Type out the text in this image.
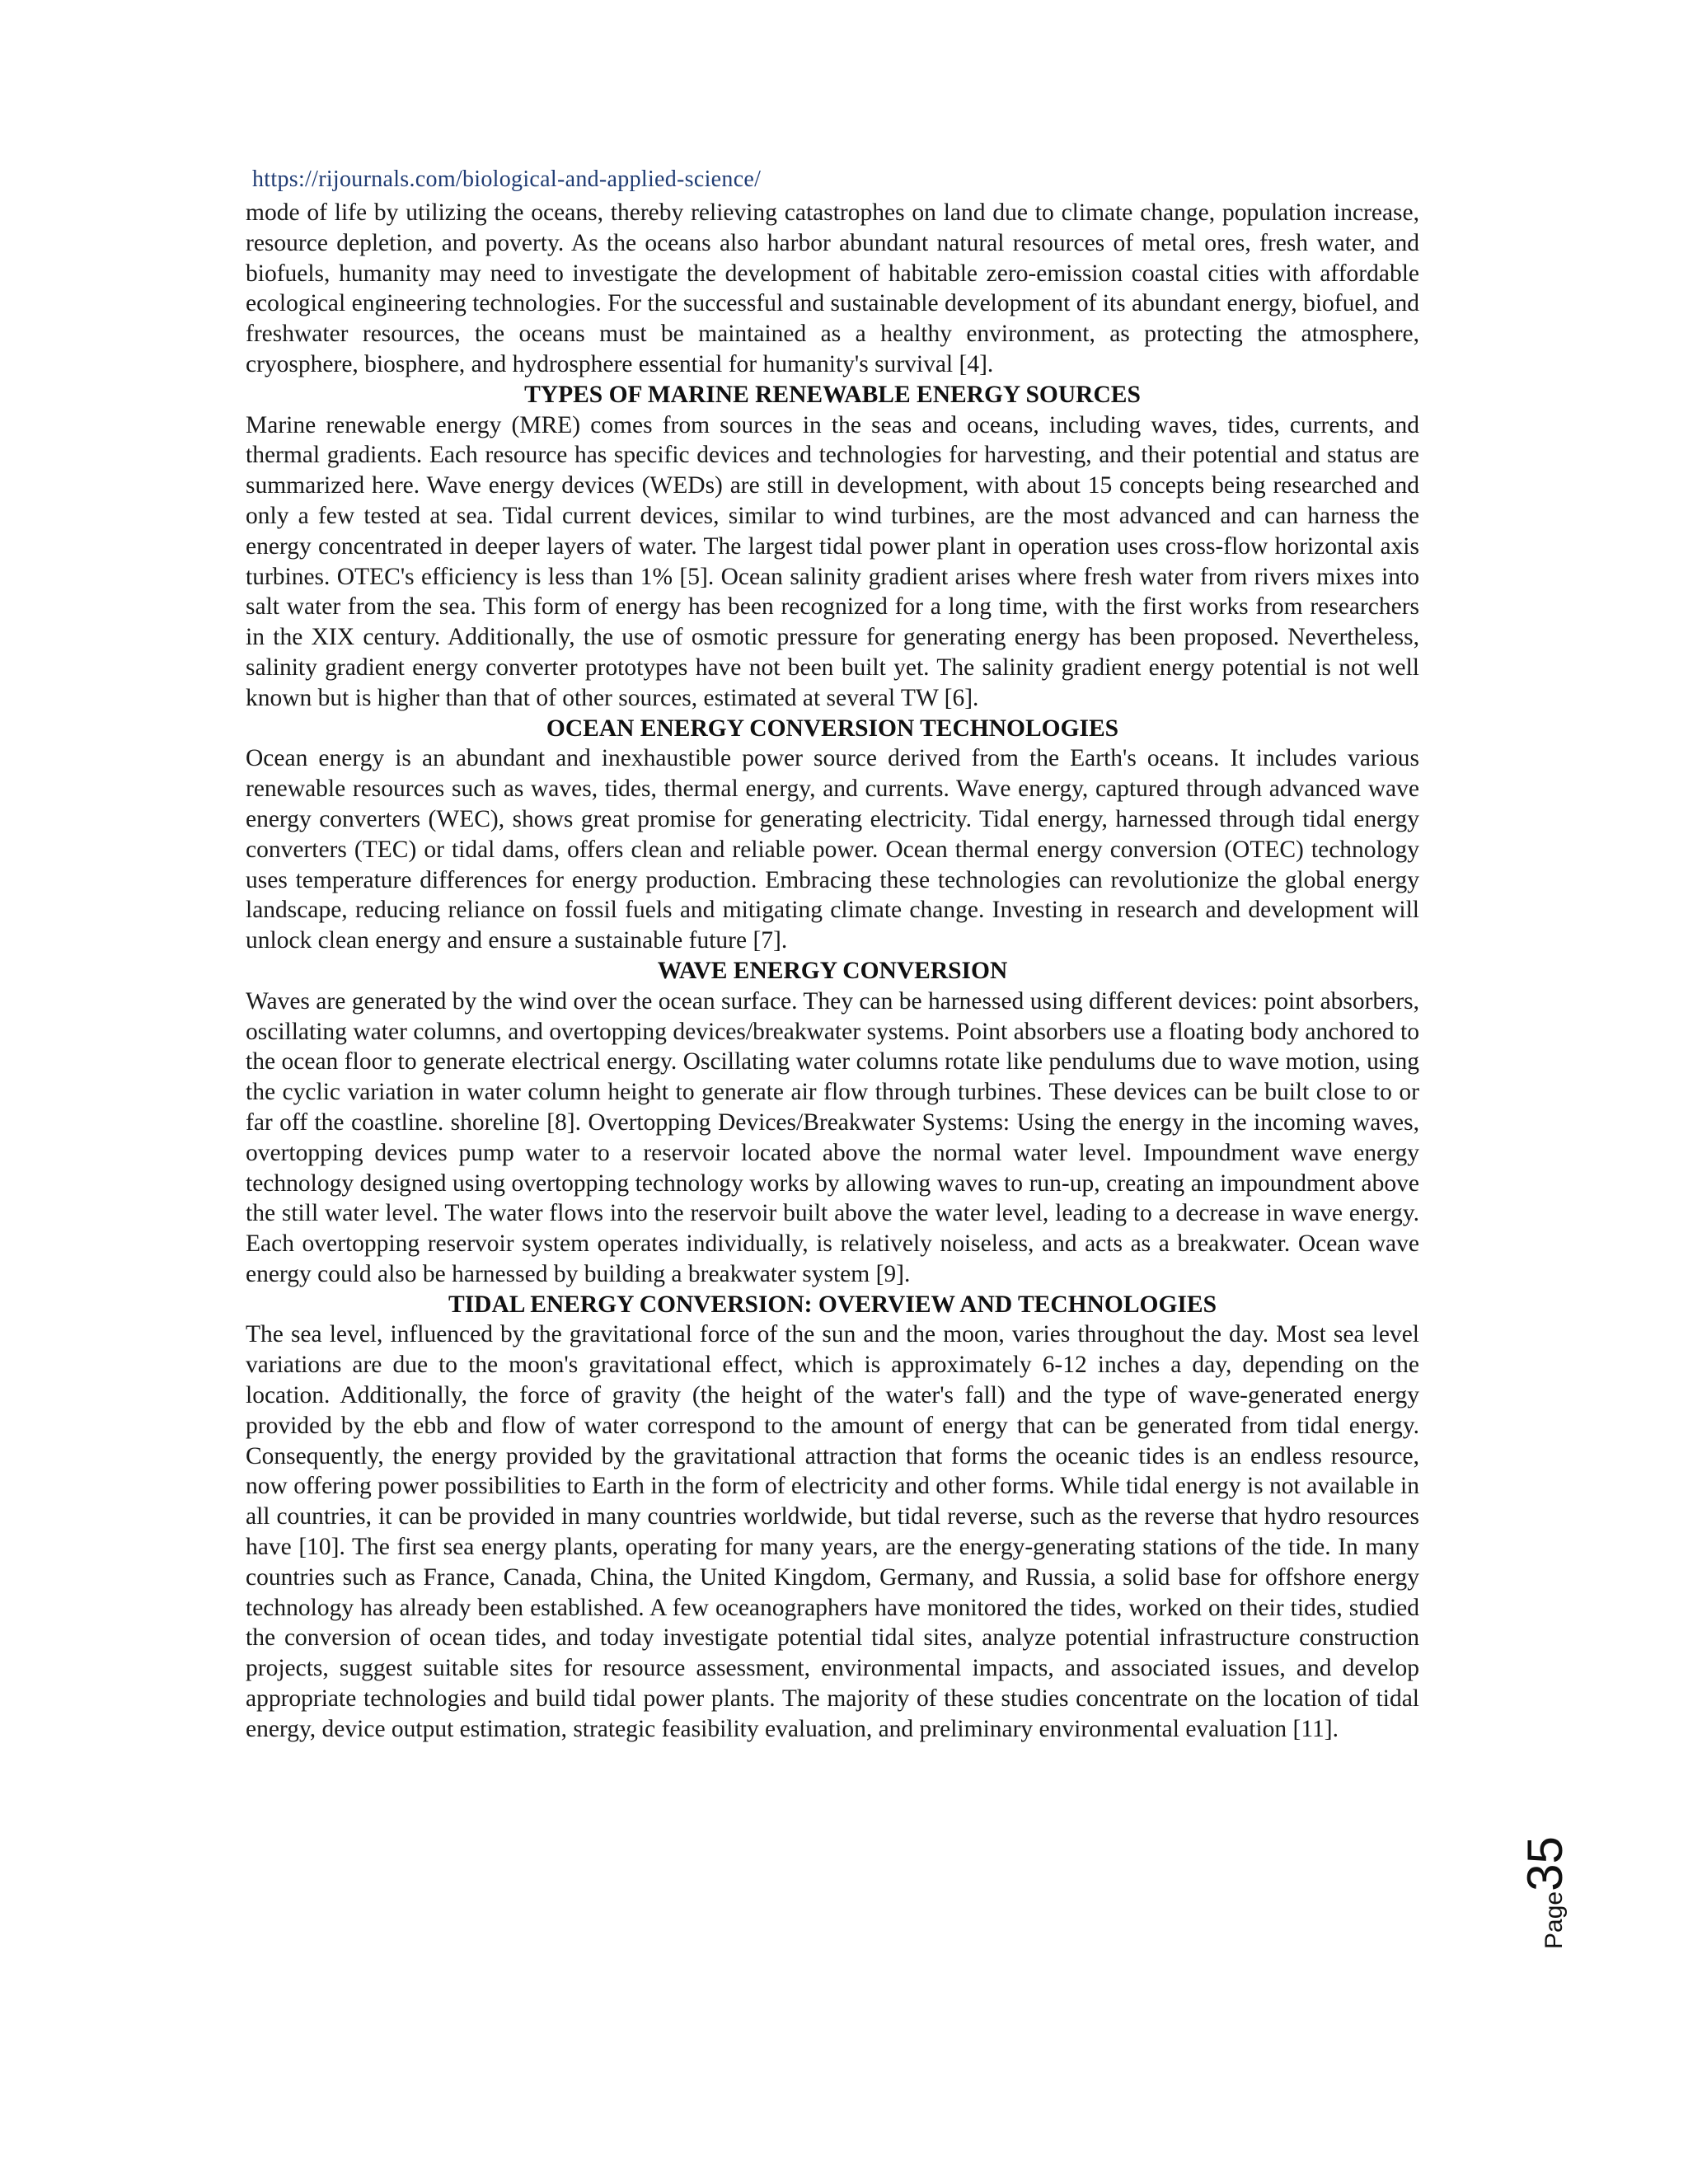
https://rijournals.com/biological-and-applied-science/

mode of life by utilizing the oceans, thereby relieving catastrophes on land due to climate change, population increase, resource depletion, and poverty. As the oceans also harbor abundant natural resources of metal ores, fresh water, and biofuels, humanity may need to investigate the development of habitable zero-emission coastal cities with affordable ecological engineering technologies. For the successful and sustainable development of its abundant energy, biofuel, and freshwater resources, the oceans must be maintained as a healthy environment, as protecting the atmosphere, cryosphere, biosphere, and hydrosphere essential for humanity's survival [4].

TYPES OF MARINE RENEWABLE ENERGY SOURCES

Marine renewable energy (MRE) comes from sources in the seas and oceans, including waves, tides, currents, and thermal gradients. Each resource has specific devices and technologies for harvesting, and their potential and status are summarized here. Wave energy devices (WEDs) are still in development, with about 15 concepts being researched and only a few tested at sea. Tidal current devices, similar to wind turbines, are the most advanced and can harness the energy concentrated in deeper layers of water. The largest tidal power plant in operation uses cross-flow horizontal axis turbines. OTEC's efficiency is less than 1% [5]. Ocean salinity gradient arises where fresh water from rivers mixes into salt water from the sea. This form of energy has been recognized for a long time, with the first works from researchers in the XIX century. Additionally, the use of osmotic pressure for generating energy has been proposed. Nevertheless, salinity gradient energy converter prototypes have not been built yet. The salinity gradient energy potential is not well known but is higher than that of other sources, estimated at several TW [6].

OCEAN ENERGY CONVERSION TECHNOLOGIES

Ocean energy is an abundant and inexhaustible power source derived from the Earth's oceans. It includes various renewable resources such as waves, tides, thermal energy, and currents. Wave energy, captured through advanced wave energy converters (WEC), shows great promise for generating electricity. Tidal energy, harnessed through tidal energy converters (TEC) or tidal dams, offers clean and reliable power. Ocean thermal energy conversion (OTEC) technology uses temperature differences for energy production. Embracing these technologies can revolutionize the global energy landscape, reducing reliance on fossil fuels and mitigating climate change. Investing in research and development will unlock clean energy and ensure a sustainable future [7].

WAVE ENERGY CONVERSION

Waves are generated by the wind over the ocean surface. They can be harnessed using different devices: point absorbers, oscillating water columns, and overtopping devices/breakwater systems. Point absorbers use a floating body anchored to the ocean floor to generate electrical energy. Oscillating water columns rotate like pendulums due to wave motion, using the cyclic variation in water column height to generate air flow through turbines. These devices can be built close to or far off the coastline. shoreline [8]. Overtopping Devices/Breakwater Systems: Using the energy in the incoming waves, overtopping devices pump water to a reservoir located above the normal water level. Impoundment wave energy technology designed using overtopping technology works by allowing waves to run-up, creating an impoundment above the still water level. The water flows into the reservoir built above the water level, leading to a decrease in wave energy. Each overtopping reservoir system operates individually, is relatively noiseless, and acts as a breakwater. Ocean wave energy could also be harnessed by building a breakwater system [9].

TIDAL ENERGY CONVERSION: OVERVIEW AND TECHNOLOGIES

The sea level, influenced by the gravitational force of the sun and the moon, varies throughout the day. Most sea level variations are due to the moon's gravitational effect, which is approximately 6-12 inches a day, depending on the location. Additionally, the force of gravity (the height of the water's fall) and the type of wave-generated energy provided by the ebb and flow of water correspond to the amount of energy that can be generated from tidal energy. Consequently, the energy provided by the gravitational attraction that forms the oceanic tides is an endless resource, now offering power possibilities to Earth in the form of electricity and other forms. While tidal energy is not available in all countries, it can be provided in many countries worldwide, but tidal reverse, such as the reverse that hydro resources have [10]. The first sea energy plants, operating for many years, are the energy-generating stations of the tide. In many countries such as France, Canada, China, the United Kingdom, Germany, and Russia, a solid base for offshore energy technology has already been established. A few oceanographers have monitored the tides, worked on their tides, studied the conversion of ocean tides, and today investigate potential tidal sites, analyze potential infrastructure construction projects, suggest suitable sites for resource assessment, environmental impacts, and associated issues, and develop appropriate technologies and build tidal power plants. The majority of these studies concentrate on the location of tidal energy, device output estimation, strategic feasibility evaluation, and preliminary environmental evaluation [11].

Page35
